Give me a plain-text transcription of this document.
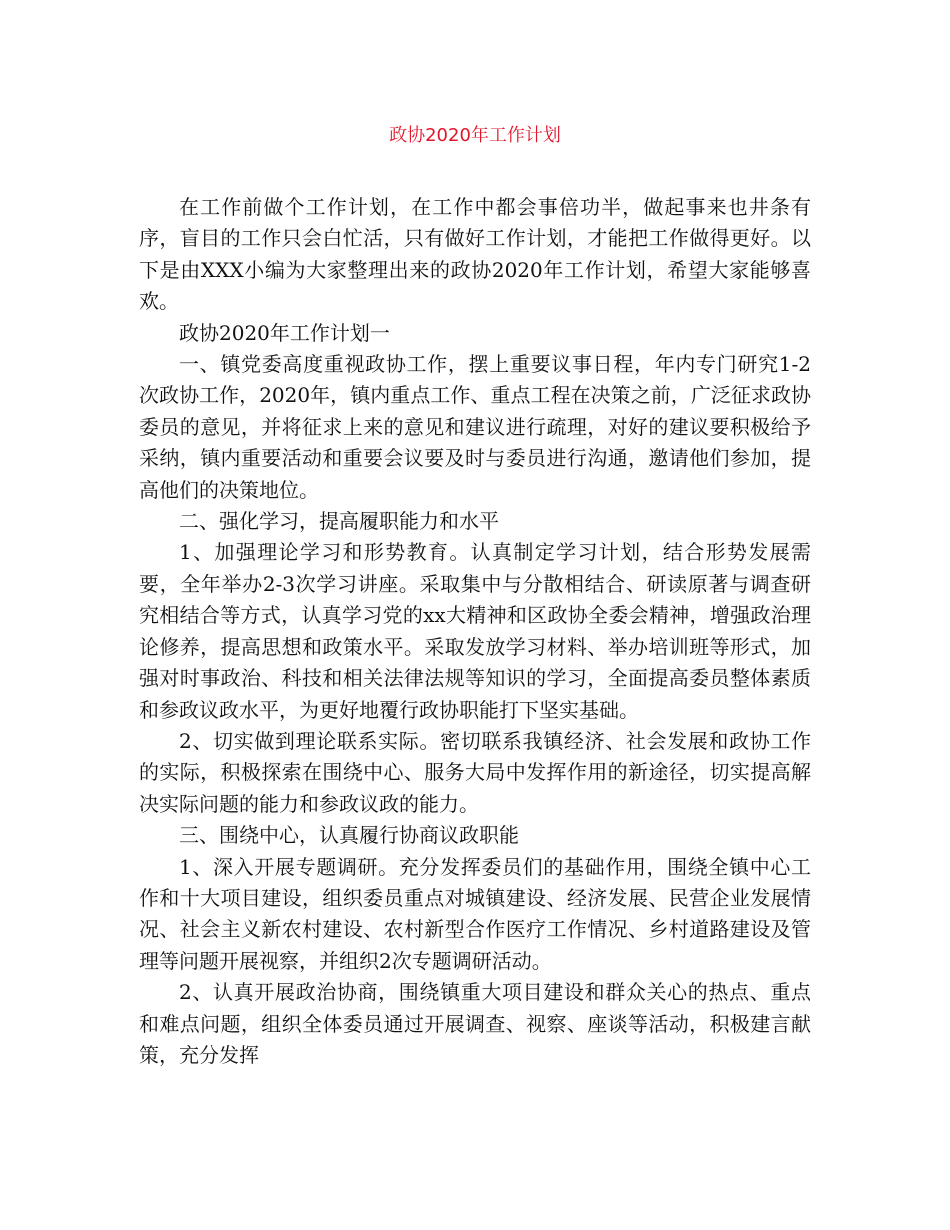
政协2020年工作计划

在工作前做个工作计划，在工作中都会事倍功半，做起事来也井条有序，盲目的工作只会白忙活，只有做好工作计划，才能把工作做得更好。以下是由XXX小编为大家整理出来的政协2020年工作计划，希望大家能够喜欢。

政协2020年工作计划一

一、镇党委高度重视政协工作，摆上重要议事日程，年内专门研究1-2次政协工作，2020年，镇内重点工作、重点工程在决策之前，广泛征求政协委员的意见，并将征求上来的意见和建议进行疏理，对好的建议要积极给予采纳，镇内重要活动和重要会议要及时与委员进行沟通，邀请他们参加，提高他们的决策地位。

二、强化学习，提高履职能力和水平

1、加强理论学习和形势教育。认真制定学习计划，结合形势发展需要，全年举办2-3次学习讲座。采取集中与分散相结合、研读原著与调查研究相结合等方式，认真学习党的xx大精神和区政协全委会精神，增强政治理论修养，提高思想和政策水平。采取发放学习材料、举办培训班等形式，加强对时事政治、科技和相关法律法规等知识的学习，全面提高委员整体素质和参政议政水平，为更好地覆行政协职能打下坚实基础。

2、切实做到理论联系实际。密切联系我镇经济、社会发展和政协工作的实际，积极探索在围绕中心、服务大局中发挥作用的新途径，切实提高解决实际问题的能力和参政议政的能力。

三、围绕中心，认真履行协商议政职能

1、深入开展专题调研。充分发挥委员们的基础作用，围绕全镇中心工作和十大项目建设，组织委员重点对城镇建设、经济发展、民营企业发展情况、社会主义新农村建设、农村新型合作医疗工作情况、乡村道路建设及管理等问题开展视察，并组织2次专题调研活动。

2、认真开展政治协商，围绕镇重大项目建设和群众关心的热点、重点和难点问题，组织全体委员通过开展调查、视察、座谈等活动，积极建言献策，充分发挥
